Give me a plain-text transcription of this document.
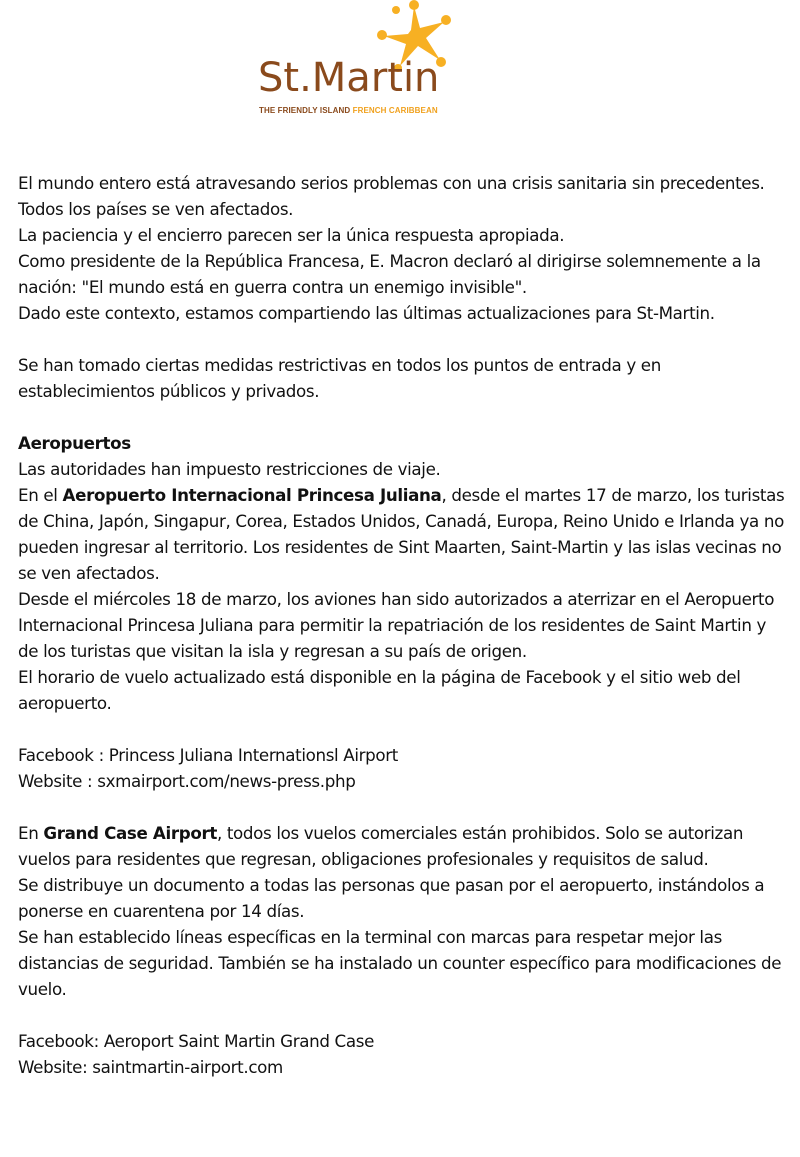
St.Martin
THE FRIENDLY ISLAND FRENCH CARIBBEAN

El mundo entero está atravesando serios problemas con una crisis sanitaria sin precedentes.

Todos los países se ven afectados.

La paciencia y el encierro parecen ser la única respuesta apropiada.

Como presidente de la República Francesa, E. Macron declaró al dirigirse solemnemente a la nación: "El mundo está en guerra contra un enemigo invisible".

Dado este contexto, estamos compartiendo las últimas actualizaciones para St-Martin.

Se han tomado ciertas medidas restrictivas en todos los puntos de entrada y en establecimientos públicos y privados.

Aeropuertos

Las autoridades han impuesto restricciones de viaje.

En el Aeropuerto Internacional Princesa Juliana, desde el martes 17 de marzo, los turistas de China, Japón, Singapur, Corea, Estados Unidos, Canadá, Europa, Reino Unido e Irlanda ya no pueden ingresar al territorio. Los residentes de Sint Maarten, Saint-Martin y las islas vecinas no se ven afectados.

Desde el miércoles 18 de marzo, los aviones han sido autorizados a aterrizar en el Aeropuerto Internacional Princesa Juliana para permitir la repatriación de los residentes de Saint Martin y de los turistas que visitan la isla y regresan a su país de origen.

El horario de vuelo actualizado está disponible en la página de Facebook y el sitio web del aeropuerto.

Facebook : Princess Juliana Internationsl Airport

Website : sxmairport.com/news-press.php

En Grand Case Airport, todos los vuelos comerciales están prohibidos. Solo se autorizan vuelos para residentes que regresan, obligaciones profesionales y requisitos de salud.

Se distribuye un documento a todas las personas que pasan por el aeropuerto, instándolos a ponerse en cuarentena por 14 días.

Se han establecido líneas específicas en la terminal con marcas para respetar mejor las distancias de seguridad. También se ha instalado un counter específico para modificaciones de vuelo.

Facebook: Aeroport Saint Martin Grand Case

Website: saintmartin-airport.com
